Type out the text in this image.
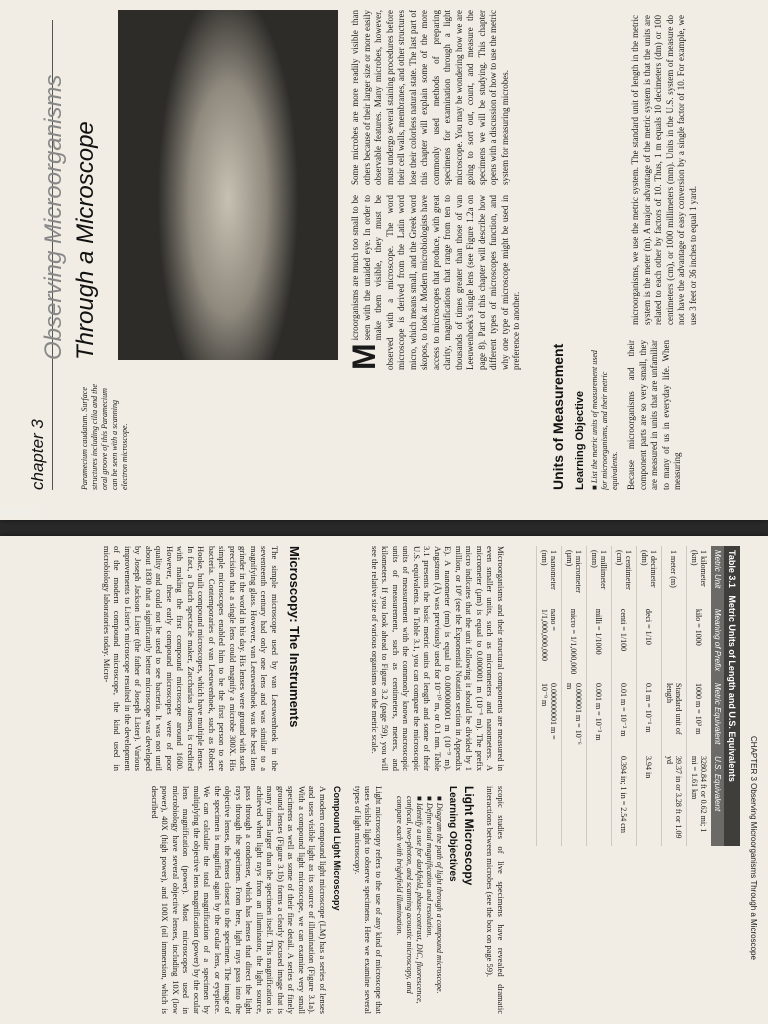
chapter 3
Observing Microorganisms Through a Microscope
Paramecium caudatum. Surface structures including cilia and the oral groove of this Paramecium can be seen with a scanning electron microscope.
M
icroorganisms are much too small to be seen with the unaided eye. In order to make them visible, they must be observed with a microscope. The word microscope is derived from the Latin word micro, which means small, and the Greek word skopos, to look at. Modern microbiologists have access to microscopes that produce, with great clarity, magnifications that range from ten to thousands of times greater than those of van Leeuwenhoek's single lens (see Figure 1.2a on page 8). Part of this chapter will describe how different types of microscopes function, and why one type of microscope might be used in preference to another.
Some microbes are more readily visible than others because of their larger size or more easily observable features. Many microbes, however, must undergo several staining procedures before their cell walls, membranes, and other structures lose their colorless natural state. The last part of this chapter will explain some of the more commonly used methods of preparing specimens for examination through a light microscope. You may be wondering how we are going to sort out, count, and measure the specimens we will be studying. This chapter opens with a discussion of how to use the metric system for measuring microbes.
Units of Measurement Learning Objective ■ List the metric units of measurement used for microorganisms, and their metric equivalents. Because microorganisms and their component parts are so very small, they are measured in units that are unfamiliar to many of us in everyday life. When measuring
microorganisms, we use the metric system. The standard unit of length in the metric system is the meter (m). A major advantage of the metric system is that the units are related to each other by factors of 10. Thus, 1 m equals 10 decimeters (dm) or 100 centimeters (cm), or 1000 millimeters (mm). Units in the U.S. system of measure do not have the advantage of easy conversion by a single factor of 10. For example, we use 3 feet or 36 inches to equal 1 yard.
08:08
CHAPTER 3 Observing Microorganisms Through a Microscope
Table 3.1   Metric Units of Length and U.S. Equivalents
Metric Unit	Meaning of Prefix	Metric Equivalent	U.S. Equivalent
1 kilometer (km)	kilo = 1000	1000 m = 10³ m	3280.84 ft or 0.62 mi; 1 mi = 1.61 km
1 meter (m)		Standard unit of length	39.37 in or 3.28 ft or 1.09 yd
1 decimeter (dm)	deci = 1/10	0.1 m = 10⁻¹ m	3.94 in
1 centimeter (cm)	centi = 1/100	0.01 m = 10⁻² m	0.394 in; 1 in = 2.54 cm
1 millimeter (mm)	milli = 1/1000	0.001 m = 10⁻³ m	
1 micrometer (µm)	micro = 1/1,000,000	0.000001 m = 10⁻⁶ m	
1 nanometer (nm)	nano = 1/1,000,000,000	0.000000001 m = 10⁻⁹ m	
Microorganisms and their structural components are measured in even smaller units, such as micrometers and nanometers. A micrometer (µm) is equal to 0.000001 m (10⁻⁶ m). The prefix micro indicates that the unit following it should be divided by 1 million, or 10⁶ (see the Exponential Notation section in Appendix E). A nanometer (nm) is equal to 0.000000001 m (10⁻⁹ m). Angstrom (Å) was previously used for 10⁻¹⁰ m, or 0.1 nm. Table 3.1 presents the basic metric units of length and some of their U.S. equivalents. In Table 3.1, you can compare the microscopic units of measurement with the commonly known macroscopic units of measurement, such as centimeters, meters, and kilometers. If you look ahead to Figure 3.2 (page 59), you will see the relative size of various organisms on the metric scale.
Microscopy: The Instruments
The simple microscope used by van Leeuwenhoek in the seventeenth century had only one lens and was similar to a magnifying glass. However, van Leeuwenhoek was the best lens grinder in the world in his day. His lenses were ground with such precision that a single lens could magnify a microbe 300X. His simple microscopes enabled him to be the first person to see bacteria. Contemporaries of van Leeuwenhoek, such as Robert Hooke, built compound microscopes, which have multiple lenses. In fact, a Dutch spectacle maker, Zaccharias Jansen, is credited with making the first compound microscope around 1600. However, these early compound microscopes were of poor quality and could not be used to see bacteria. It was not until about 1830 that a significantly better microscope was developed by Joseph Jackson Lister (the father of Joseph Lister). Various improvements to Lister's microscope resulted in the development of the modern compound microscope, the kind used in microbiology laboratories today. Micro-
scopic studies of live specimens have revealed dramatic interactions between microbes (see the box on page 59).
Light Microscopy
Learning Objectives

■ Diagram the path of light through a compound microscope.

■ Define total magnification and resolution.

■ Identify a use for darkfield, phase-contrast, DIC, fluorescence, confocal, two-photon, and scanning acoustic microscopy, and compare each with brightfield illumination.

Light microscopy refers to the use of any kind of microscope that uses visible light to observe specimens. Here we examine several types of light microscopy.
Compound Light Microscopy
A modern compound light microscope (LM) has a series of lenses and uses visible light as its source of illumination (Figure 3.1a). With a compound light microscope, we can examine very small specimens as well as some of their fine detail. A series of finely ground lenses (Figure 3.1b) forms a clearly focused image that is many times larger than the specimen itself. This magnification is achieved when light rays from an illuminator, the light source, pass through a condenser, which has lenses that direct the light rays through the specimen. From here, light rays pass into the objective lenses, the lenses closest to the specimen. The image of the specimen is magnified again by the ocular lens, or eyepiece. We can calculate the total magnification of a specimen by multiplying the objective lens magnification (power) by the ocular lens magnification (power). Most microscopes used in microbiology have several objective lenses, including 10X (low power), 40X (high power), and 100X (oil immersion, which is described
